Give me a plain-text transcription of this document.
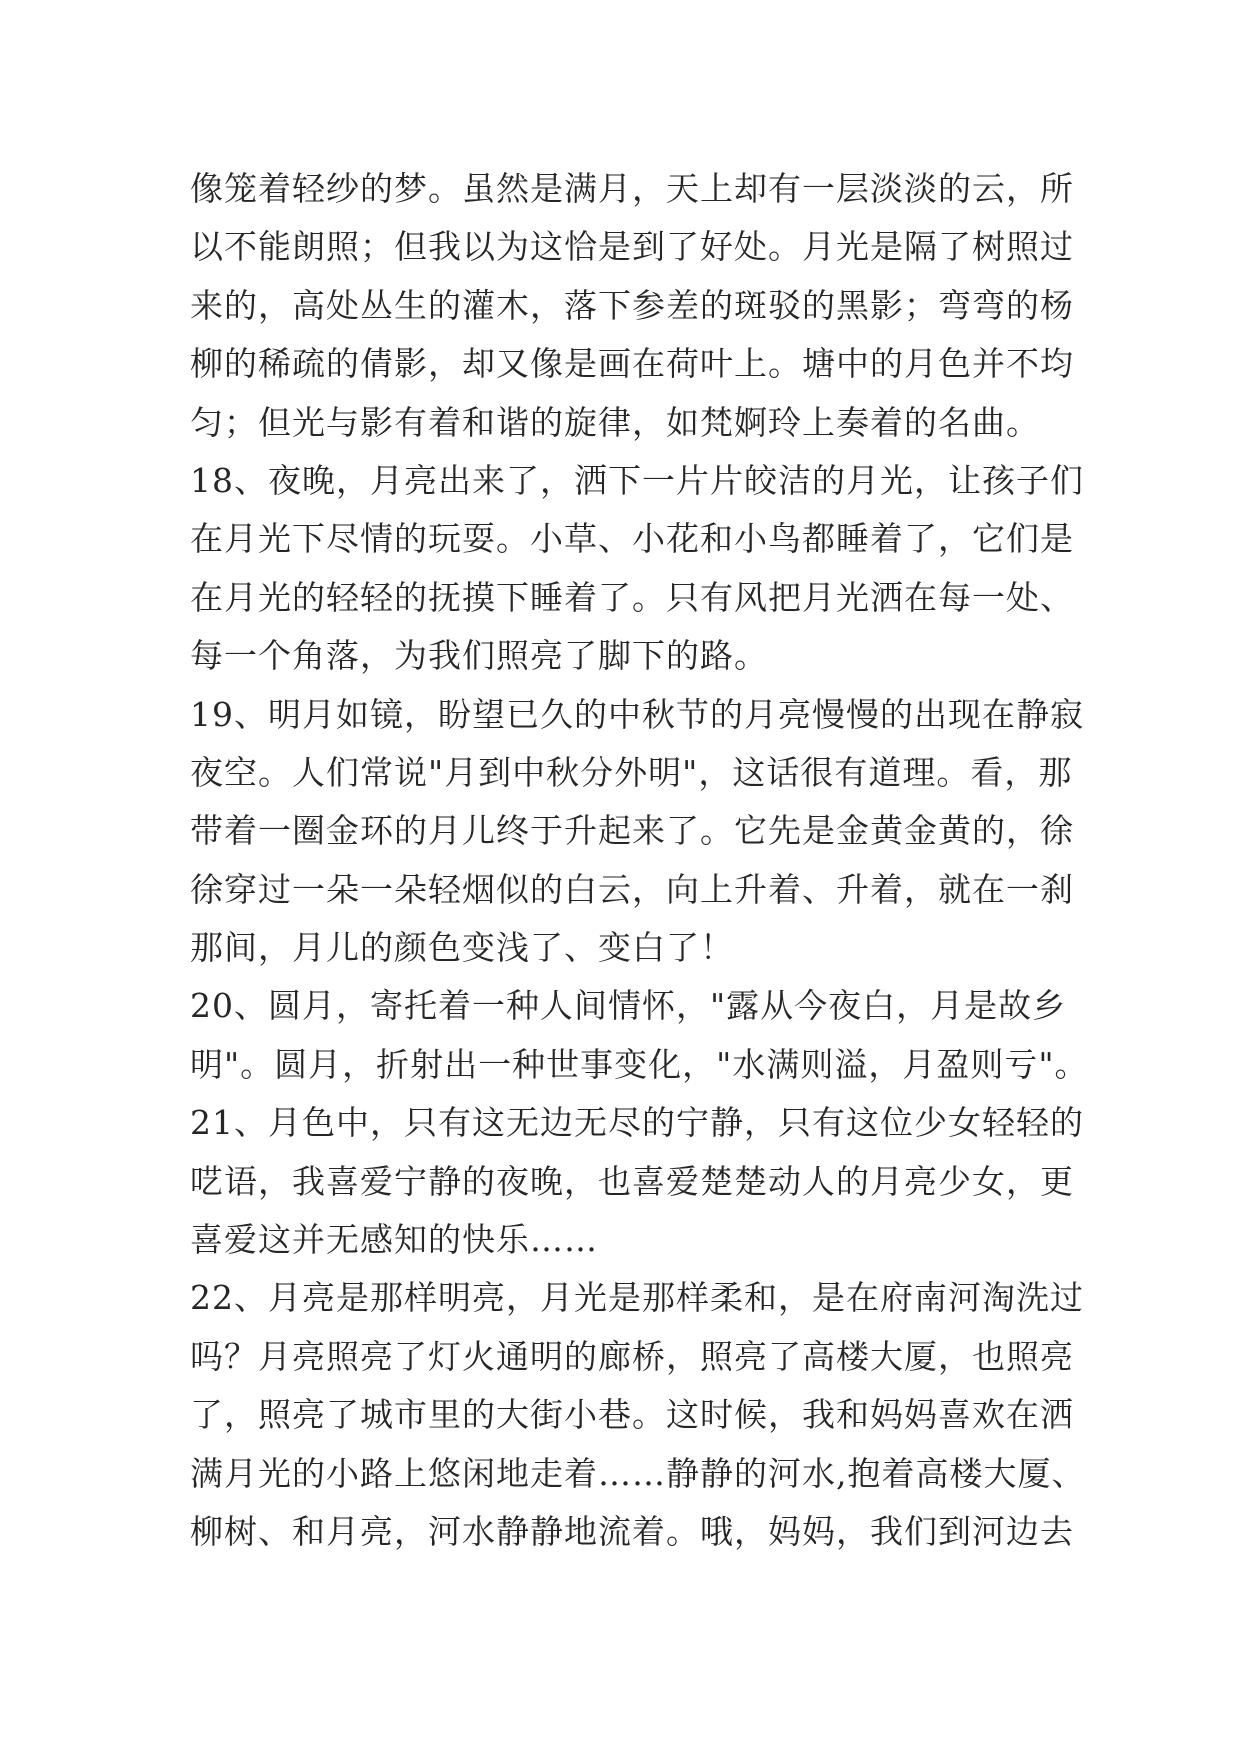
像笼着轻纱的梦。虽然是满月，天上却有一层淡淡的云，所
以不能朗照；但我以为这恰是到了好处。月光是隔了树照过
来的，高处丛生的灌木，落下参差的斑驳的黑影；弯弯的杨
柳的稀疏的倩影，却又像是画在荷叶上。塘中的月色并不均
匀；但光与影有着和谐的旋律，如梵婀玲上奏着的名曲。
18、夜晚，月亮出来了，洒下一片片皎洁的月光，让孩子们
在月光下尽情的玩耍。小草、小花和小鸟都睡着了，它们是
在月光的轻轻的抚摸下睡着了。只有风把月光洒在每一处、
每一个角落，为我们照亮了脚下的路。
19、明月如镜，盼望已久的中秋节的月亮慢慢的出现在静寂
夜空。人们常说"月到中秋分外明"，这话很有道理。看，那
带着一圈金环的月儿终于升起来了。它先是金黄金黄的，徐
徐穿过一朵一朵轻烟似的白云，向上升着、升着，就在一刹
那间，月儿的颜色变浅了、变白了！
20、圆月，寄托着一种人间情怀，"露从今夜白，月是故乡
明"。圆月，折射出一种世事变化，"水满则溢，月盈则亏"。
21、月色中，只有这无边无尽的宁静，只有这位少女轻轻的
呓语，我喜爱宁静的夜晚，也喜爱楚楚动人的月亮少女，更
喜爱这并无感知的快乐……
22、月亮是那样明亮，月光是那样柔和，是在府南河淘洗过
吗？月亮照亮了灯火通明的廊桥，照亮了高楼大厦，也照亮
了，照亮了城市里的大街小巷。这时候，我和妈妈喜欢在洒
满月光的小路上悠闲地走着……静静的河水,抱着高楼大厦、
柳树、和月亮，河水静静地流着。哦，妈妈，我们到河边去
